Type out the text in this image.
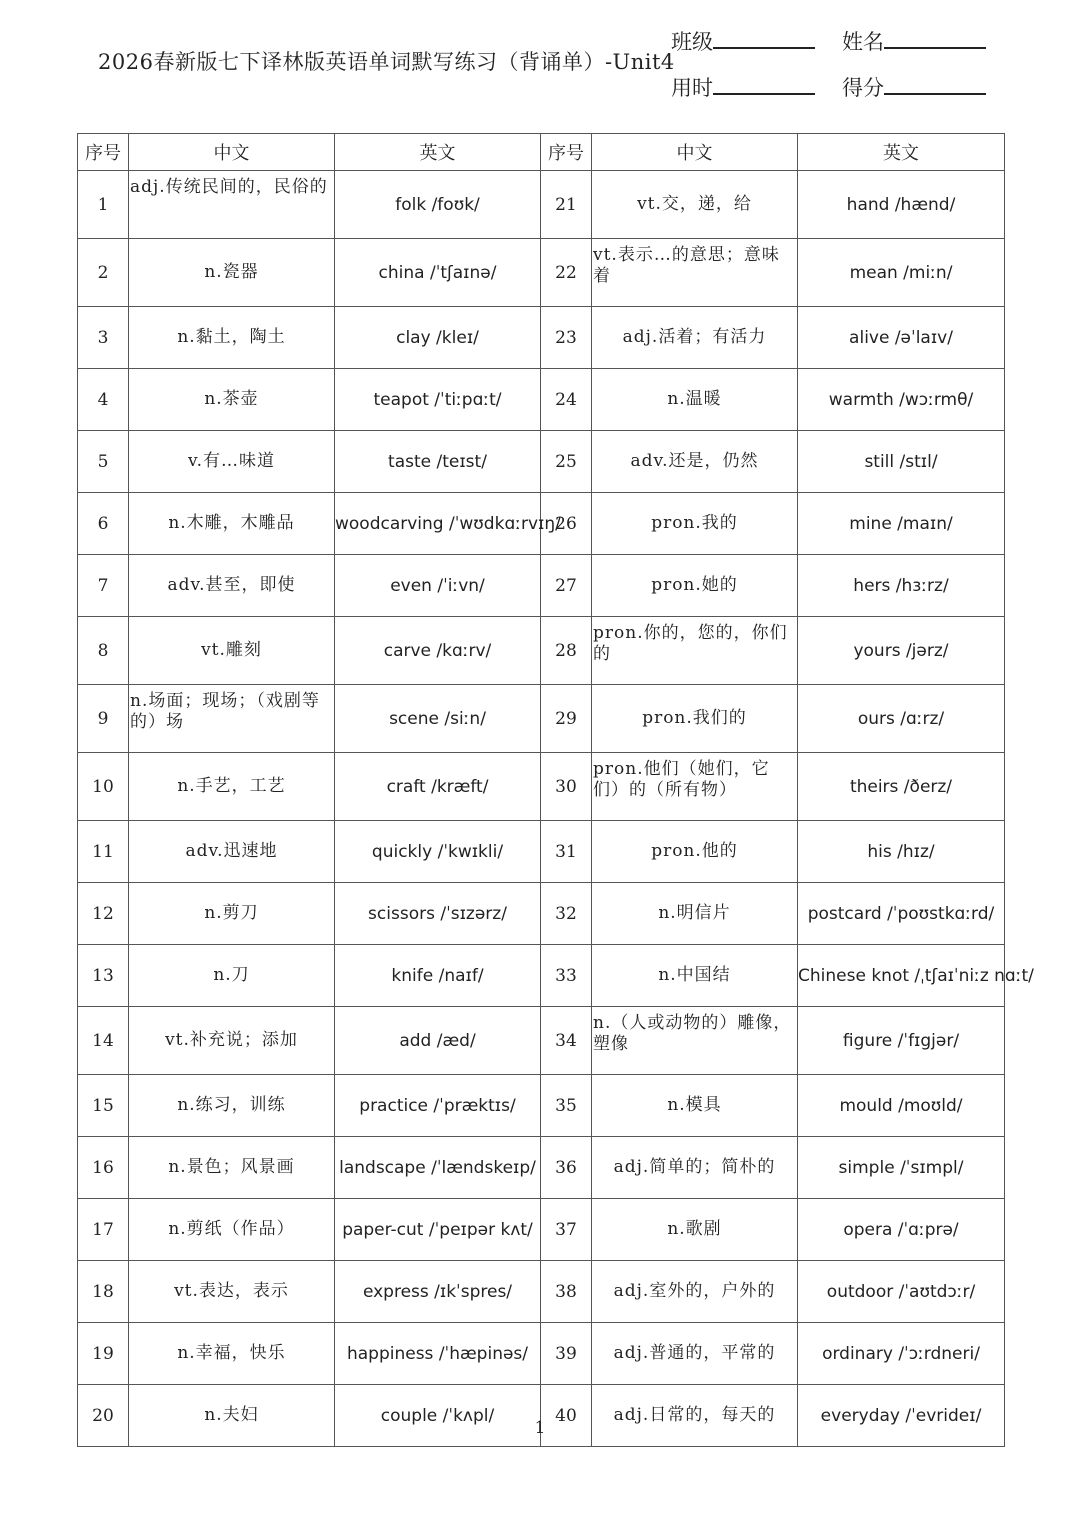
2026春新版七下译林版英语单词默写练习（背诵单）-Unit4
班级	姓名
用时	得分
序号	中文	英文	序号	中文	英文
1	adj.传统民间的，民俗的	folk /foʊk/	21	vt.交，递，给	hand /hænd/
2	n.瓷器	china /ˈtʃaɪnə/	22	vt.表示…的意思；意味着	mean /miːn/
3	n.黏土，陶土	clay /kleɪ/	23	adj.活着；有活力	alive /əˈlaɪv/
4	n.茶壶	teapot /ˈtiːpɑːt/	24	n.温暖	warmth /wɔːrmθ/
5	v.有…味道	taste /teɪst/	25	adv.还是，仍然	still /stɪl/
6	n.木雕，木雕品	woodcarving /ˈwʊdkɑːrvɪŋ/	26	pron.我的	mine /maɪn/
7	adv.甚至，即使	even /ˈiːvn/	27	pron.她的	hers /hɜːrz/
8	vt.雕刻	carve /kɑːrv/	28	pron.你的，您的，你们的	yours /jərz/
9	n.场面；现场；（戏剧等的）场	scene /siːn/	29	pron.我们的	ours /ɑːrz/
10	n.手艺，工艺	craft /kræft/	30	pron.他们（她们，它们）的（所有物）	theirs /ðerz/
11	adv.迅速地	quickly /ˈkwɪkli/	31	pron.他的	his /hɪz/
12	n.剪刀	scissors /ˈsɪzərz/	32	n.明信片	postcard /ˈpoʊstkɑːrd/
13	n.刀	knife /naɪf/	33	n.中国结	Chinese knot /ˌtʃaɪˈniːz nɑːt/
14	vt.补充说；添加	add /æd/	34	n.（人或动物的）雕像，塑像	figure /ˈfɪgjər/
15	n.练习，训练	practice /ˈpræktɪs/	35	n.模具	mould /moʊld/
16	n.景色；风景画	landscape /ˈlændskeɪp/	36	adj.简单的；简朴的	simple /ˈsɪmpl/
17	n.剪纸（作品）	paper-cut /ˈpeɪpər kʌt/	37	n.歌剧	opera /ˈɑːprə/
18	vt.表达，表示	express /ɪkˈspres/	38	adj.室外的，户外的	outdoor /ˈaʊtdɔːr/
19	n.幸福，快乐	happiness /ˈhæpinəs/	39	adj.普通的，平常的	ordinary /ˈɔːrdneri/
20	n.夫妇	couple /ˈkʌpl/	40	adj.日常的，每天的	everyday /ˈevrideɪ/
1
